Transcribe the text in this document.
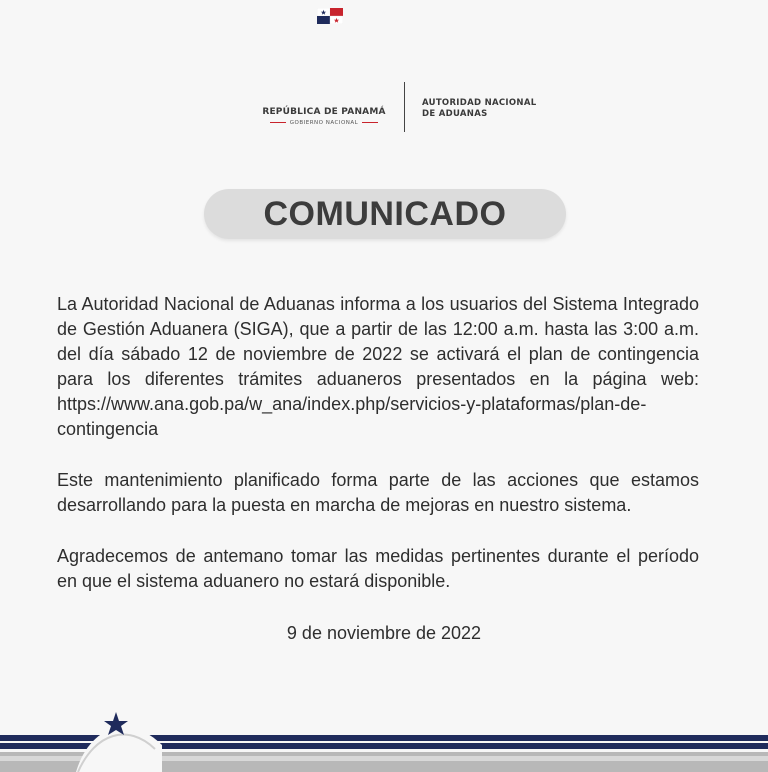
REPÚBLICA DE PANAMÁ
GOBIERNO NACIONAL
AUTORIDAD NACIONAL
DE ADUANAS
COMUNICADO

La Autoridad Nacional de Aduanas informa a los usuarios del Sistema Integrado de Gestión Aduanera (SIGA), que a partir de las 12:00 a.m. hasta las 3:00 a.m. del día sábado 12 de noviembre de 2022 se activará el plan de contingencia para los diferentes trámites aduaneros presentados en la página web: https://www.ana.gob.pa/w_ana/index.php/servicios-y-plataformas/plan-de-contingencia

Este mantenimiento planificado forma parte de las acciones que estamos desarrollando para la puesta en marcha de mejoras en nuestro sistema.

Agradecemos de antemano tomar las medidas pertinentes durante el período en que el sistema aduanero no estará disponible.

9 de noviembre de 2022
